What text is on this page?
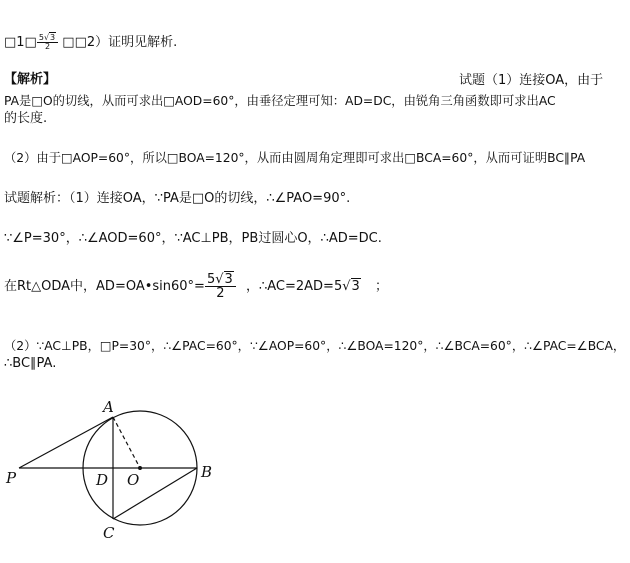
□1□ $\frac{5√3}{2}$ □□2）证明见解析.
【解析】	试题（1）连接OA，由于
PA是□O的切线，从而可求出□AOD=60°，由垂径定理可知：AD=DC，由锐角三角函数即可求出AC
的长度.
（2）由于□AOP=60°，所以□BOA=120°，从而由圆周角定理即可求出□BCA=60°，从而可证明BC∥PA
试题解析：（1）连接OA，∵PA是□O的切线，∴∠PAO=90°.
∵∠P=30°，∴∠AOD=60°，∵AC⊥PB，PB过圆心O，∴AD=DC.
在Rt△ODA中，AD=OA•sin60°= $\frac{5√3}{2}$ ，∴AC=2AD=5√3 ；
（2）∵AC⊥PB，□P=30°，∴∠PAC=60°，∵∠AOP=60°，∴∠BOA=120°，∴∠BCA=60°，∴∠PAC=∠BCA，
∴BC∥PA.
A
P	D O	B
C
